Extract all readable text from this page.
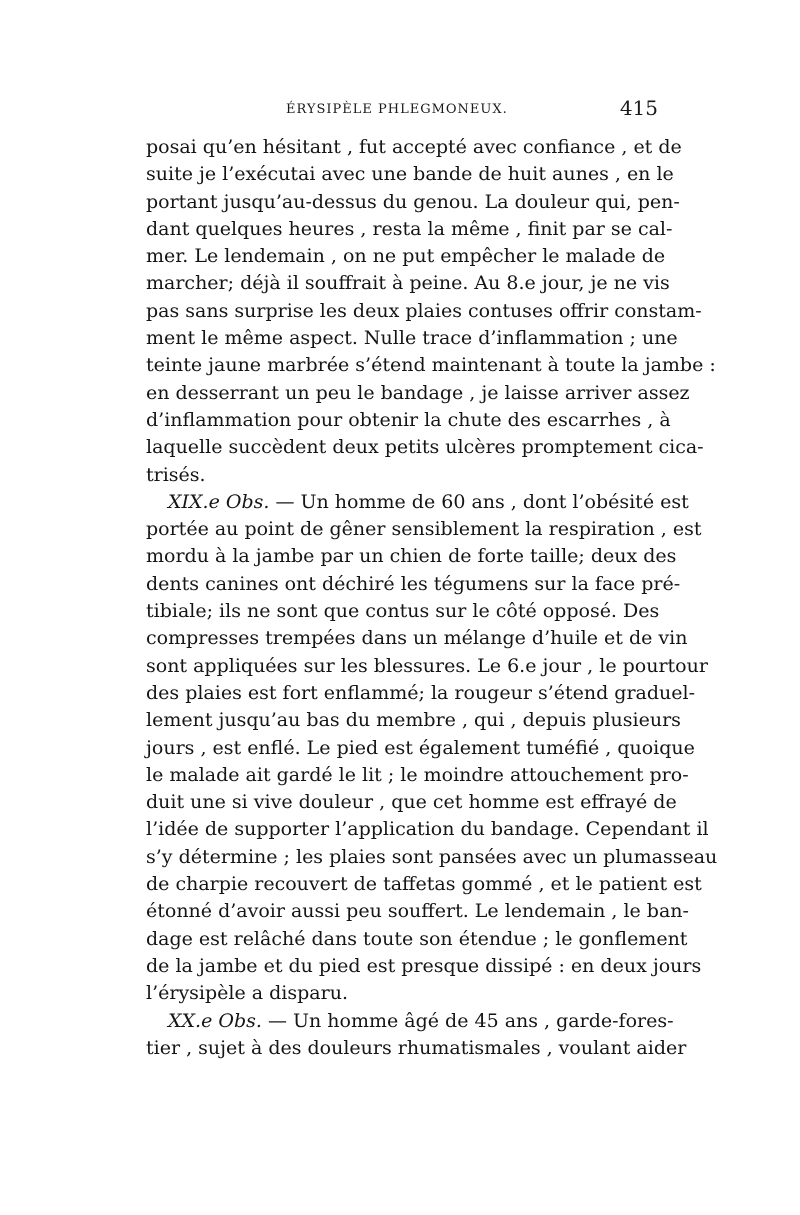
ÉRYSIPÈLE PHLEGMONEUX.	415
posai qu’en hésitant , fut accepté avec confiance , et de
suite je l’exécutai avec une bande de huit aunes , en le
portant jusqu’au-dessus du genou. La douleur qui, pen-
dant quelques heures , resta la même , finit par se cal-
mer. Le lendemain , on ne put empêcher le malade de
marcher; déjà il souffrait à peine. Au 8.e jour, je ne vis
pas sans surprise les deux plaies contuses offrir constam-
ment le même aspect. Nulle trace d’inflammation ; une
teinte jaune marbrée s’étend maintenant à toute la jambe :
en desserrant un peu le bandage , je laisse arriver assez
d’inflammation pour obtenir la chute des escarrhes , à
laquelle succèdent deux petits ulcères promptement cica-
trisés.
XIX.e Obs. — Un homme de 60 ans , dont l’obésité est
portée au point de gêner sensiblement la respiration , est
mordu à la jambe par un chien de forte taille; deux des
dents canines ont déchiré les tégumens sur la face pré-
tibiale; ils ne sont que contus sur le côté opposé. Des
compresses trempées dans un mélange d’huile et de vin
sont appliquées sur les blessures. Le 6.e jour , le pourtour
des plaies est fort enflammé; la rougeur s’étend graduel-
lement jusqu’au bas du membre , qui , depuis plusieurs
jours , est enflé. Le pied est également tuméfié , quoique
le malade ait gardé le lit ; le moindre attouchement pro-
duit une si vive douleur , que cet homme est effrayé de
l’idée de supporter l’application du bandage. Cependant il
s’y détermine ; les plaies sont pansées avec un plumasseau
de charpie recouvert de taffetas gommé , et le patient est
étonné d’avoir aussi peu souffert. Le lendemain , le ban-
dage est relâché dans toute son étendue ; le gonflement
de la jambe et du pied est presque dissipé : en deux jours
l’érysipèle a disparu.
XX.e Obs. — Un homme âgé de 45 ans , garde-fores-
tier , sujet à des douleurs rhumatismales , voulant aider
